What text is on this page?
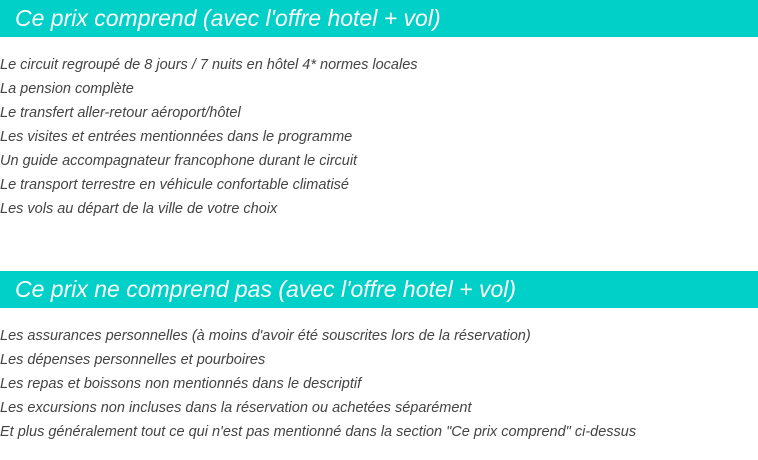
Ce prix comprend (avec l'offre hotel + vol)
Le circuit regroupé de 8 jours / 7 nuits en hôtel 4* normes locales
La pension complète
Le transfert aller-retour aéroport/hôtel
Les visites et entrées mentionnées dans le programme
Un guide accompagnateur francophone durant le circuit
Le transport terrestre en véhicule confortable climatisé
Les vols au départ de la ville de votre choix
Ce prix ne comprend pas (avec l'offre hotel + vol)
Les assurances personnelles (à moins d'avoir été souscrites lors de la réservation)
Les dépenses personnelles et pourboires
Les repas et boissons non mentionnés dans le descriptif
Les excursions non incluses dans la réservation ou achetées séparément
Et plus généralement tout ce qui n'est pas mentionné dans la section "Ce prix comprend" ci-dessus
